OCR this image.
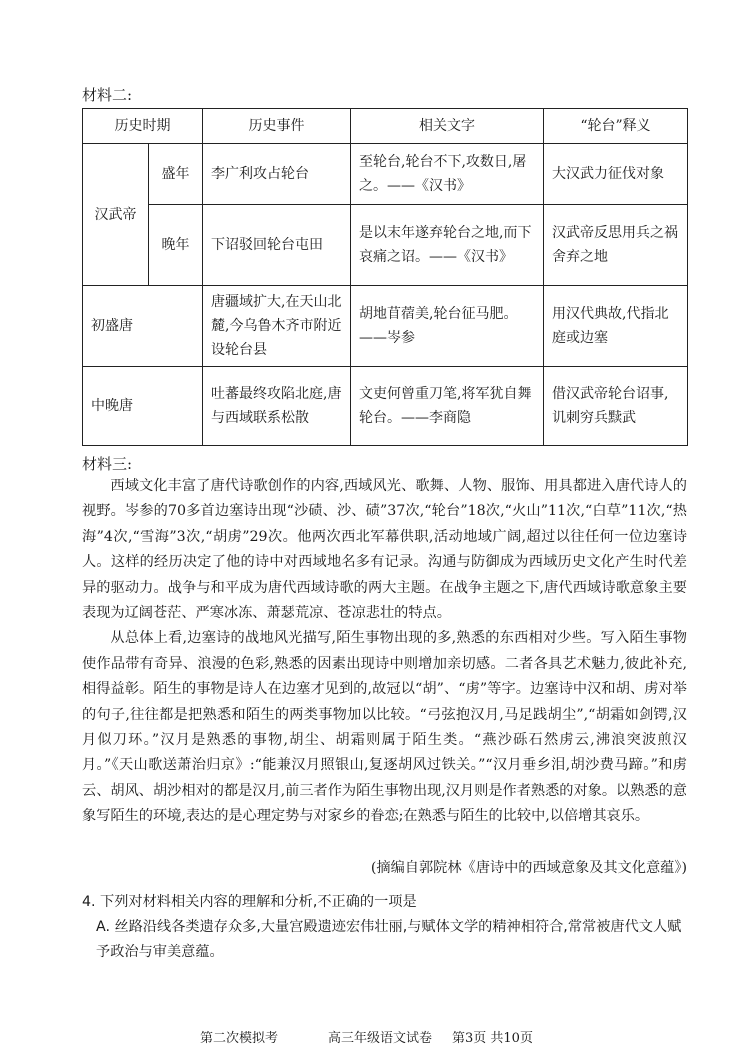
材料二:
历史时期		历史事件	相关文字	“轮台”释义
汉武帝	盛年	李广利攻占轮台	至轮台,轮台不下,攻数日,屠之。——《汉书》	大汉武力征伐对象
	晚年	下诏驳回轮台屯田	是以末年遂弃轮台之地,而下哀痛之诏。——《汉书》	汉武帝反思用兵之祸舍弃之地
初盛唐		唐疆域扩大,在天山北麓,今乌鲁木齐市附近设轮台县	胡地苜蓿美,轮台征马肥。——岑参	用汉代典故,代指北庭或边塞
中晚唐		吐蕃最终攻陷北庭,唐与西域联系松散	文吏何曾重刀笔,将军犹自舞轮台。——李商隐	借汉武帝轮台诏事,讥刺穷兵黩武
材料三:

西域文化丰富了唐代诗歌创作的内容,西域风光、歌舞、人物、服饰、用具都进入唐代诗人的视野。岑参的70多首边塞诗出现“沙碛、沙、碛”37次,“轮台”18次,“火山”11次,“白草”11次,“热海”4次,“雪海”3次,“胡虏”29次。他两次西北军幕供职,活动地域广阔,超过以往任何一位边塞诗人。这样的经历决定了他的诗中对西域地名多有记录。沟通与防御成为西域历史文化产生时代差异的驱动力。战争与和平成为唐代西域诗歌的两大主题。在战争主题之下,唐代西域诗歌意象主要表现为辽阔苍茫、严寒冰冻、萧瑟荒凉、苍凉悲壮的特点。

从总体上看,边塞诗的战地风光描写,陌生事物出现的多,熟悉的东西相对少些。写入陌生事物使作品带有奇异、浪漫的色彩,熟悉的因素出现诗中则增加亲切感。二者各具艺术魅力,彼此补充,相得益彰。陌生的事物是诗人在边塞才见到的,故冠以“胡”、“虏”等字。边塞诗中汉和胡、虏对举的句子,往往都是把熟悉和陌生的两类事物加以比较。“弓弦抱汉月,马足践胡尘”,“胡霜如剑锷,汉月似刀环。”汉月是熟悉的事物,胡尘、胡霜则属于陌生类。“燕沙砾石然虏云,沸浪突波煎汉月。”《天山歌送萧治归京》:“能兼汉月照银山,复逐胡风过铁关。”“汉月垂乡泪,胡沙费马蹄。”和虏云、胡风、胡沙相对的都是汉月,前三者作为陌生事物出现,汉月则是作者熟悉的对象。以熟悉的意象写陌生的环境,表达的是心理定势与对家乡的眷恋;在熟悉与陌生的比较中,以倍增其哀乐。

(摘编自郭院林《唐诗中的西域意象及其文化意蕴》)

4. 下列对材料相关内容的理解和分析,不正确的一项是

A. 丝路沿线各类遗存众多,大量宫殿遗迹宏伟壮丽,与赋体文学的精神相符合,常常被唐代文人赋予政治与审美意蕴。

第二次模拟考	高三年级语文试卷 第3页 共10页
